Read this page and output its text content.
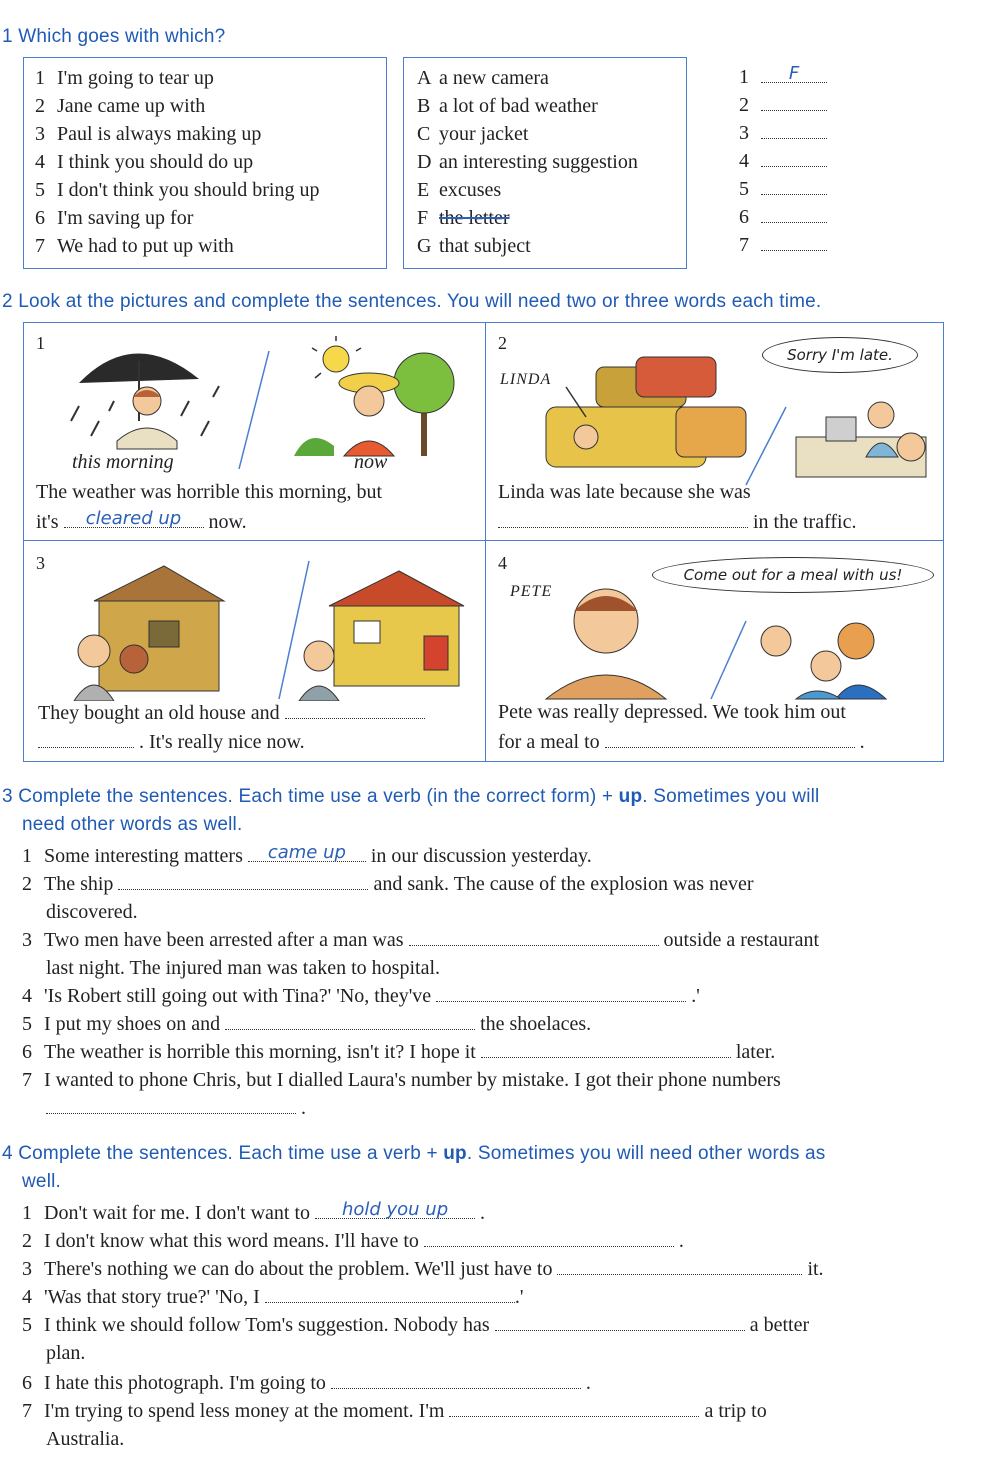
1 Which goes with which?
1 I'm going to tear up
2 Jane came up with
3 Paul is always making up
4 I think you should do up
5 I don't think you should bring up
6 I'm saving up for
7 We had to put up with
A a new camera
B a lot of bad weather
C your jacket
D an interesting suggestion
E excuses
F the letter
G that subject
1	F
2
3
4
5
6
7
2 Look at the pictures and complete the sentences. You will need two or three words each time.
1
this morning	now
The weather was horrible this morning, but
it's	cleared up	now.
2
LINDA
Sorry I'm late.
Linda was late because she was
in the traffic.
3
They bought an old house and
. It's really nice now.
4
PETE
Come out for a meal with us!
Pete was really depressed. We took him out
for a meal to	.
3 Complete the sentences. Each time use a verb (in the correct form) + up. Sometimes you will
need other words as well.
1 Some interesting matters	came up	in our discussion yesterday.
2 The ship	and sank. The cause of the explosion was never
discovered.
3 Two men have been arrested after a man was	outside a restaurant
last night. The injured man was taken to hospital.
4 'Is Robert still going out with Tina?' 'No, they've	.'
5 I put my shoes on and	the shoelaces.
6 The weather is horrible this morning, isn't it? I hope it	later.
7 I wanted to phone Chris, but I dialled Laura's number by mistake. I got their phone numbers
.
4 Complete the sentences. Each time use a verb + up. Sometimes you will need other words as
well.
1 Don't wait for me. I don't want to	hold you up	.
2 I don't know what this word means. I'll have to	.
3 There's nothing we can do about the problem. We'll just have to	it.
4 'Was that story true?' 'No, I	.'
5 I think we should follow Tom's suggestion. Nobody has	a better
plan.
6 I hate this photograph. I'm going to	.
7 I'm trying to spend less money at the moment. I'm	a trip to
Australia.
